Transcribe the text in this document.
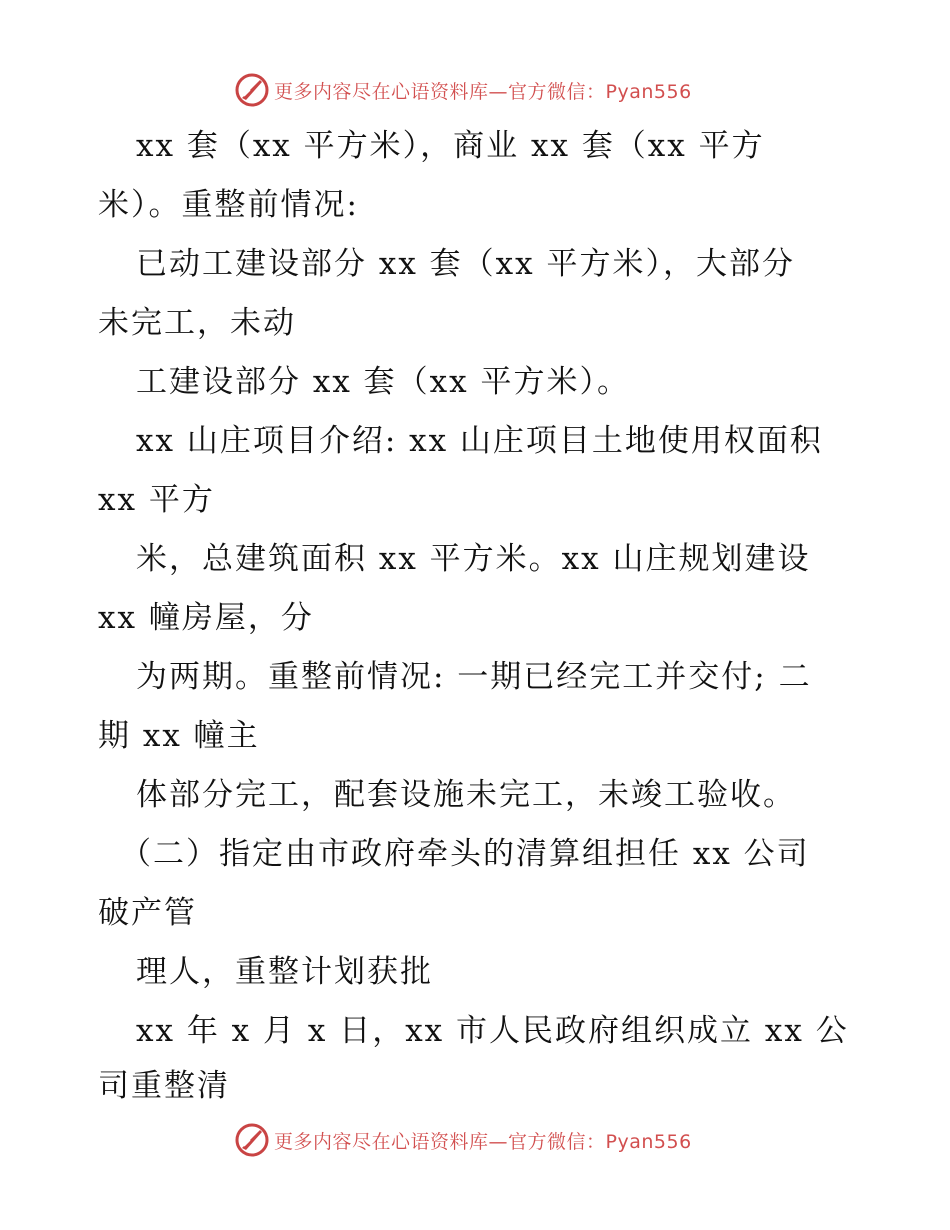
更多内容尽在心语资料库—官方微信：Pyan556
xx 套（xx 平方米），商业 xx 套（xx 平方
米）。重整前情况:
已动工建设部分 xx 套（xx 平方米），大部分
未完工，未动
工建设部分 xx 套（xx 平方米）。
xx 山庄项目介绍: xx 山庄项目土地使用权面积
xx 平方
米，总建筑面积 xx 平方米。xx 山庄规划建设
xx 幢房屋，分
为两期。重整前情况: 一期已经完工并交付; 二
期 xx 幢主
体部分完工，配套设施未完工，未竣工验收。
（二）指定由市政府牵头的清算组担任 xx 公司
破产管
理人，重整计划获批
xx 年 x 月 x 日，xx 市人民政府组织成立 xx 公
司重整清
更多内容尽在心语资料库—官方微信：Pyan556
